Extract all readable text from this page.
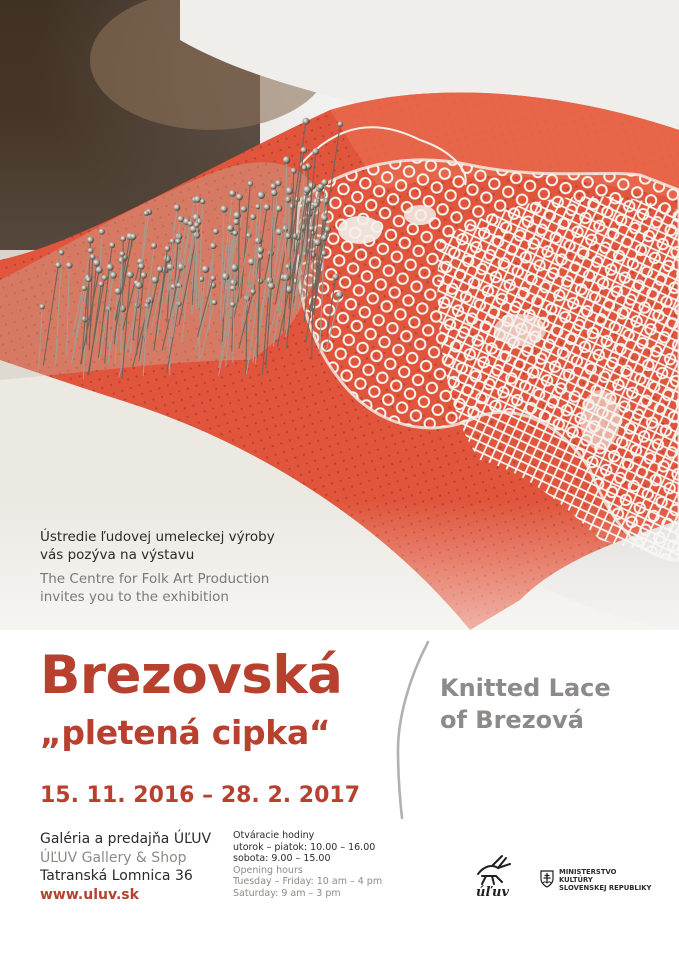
Ústredie ľudovej umeleckej výroby
vás pozýva na výstavu
The Centre for Folk Art Production
invites you to the exhibition
Brezovská
„pletená cipka“
15. 11. 2016 – 28. 2. 2017
Knitted Lace
of Brezová
Galéria a predajňa ÚĽUV
ÚĽUV Gallery & Shop
Tatranská Lomnica 36
www.uluv.sk
Otváracie hodiny
utorok – piatok: 10.00 – 16.00
sobota: 9.00 – 15.00
Opening hours
Tuesday – Friday: 10 am – 4 pm
Saturday: 9 am – 3 pm	úľuv
MINISTERSTVO
KULTÚRY
SLOVENSKEJ REPUBLIKY
